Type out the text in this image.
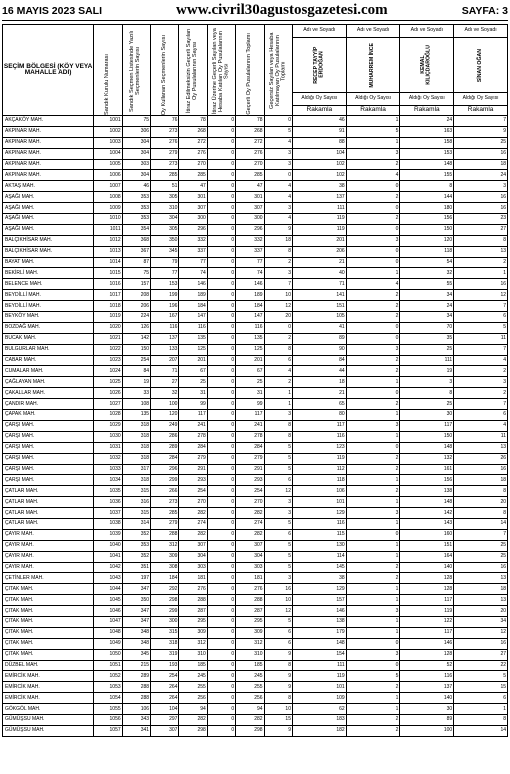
16 MAYIS 2023 SALI	www.civril30agustosgazetesi.com	SAYFA: 3
SEÇİM BÖLGESİ (KÖY VEYA MAHALLE ADI)	Sandık Kurulu Numarası	Sandık Seçmen Listesinde Yazılı Seçmenlerin Sayısı	Oy Kullanan Seçmenlerin Sayısı	İtiraz Edilmeksizin Geçerli Sayılan Oy Pusulalarının Sayısı	İtiraz Üzerine Geçerli Sayılan veya Hesaba Katılan Oy Pusulalarının Sayısı	Geçerli Oy Pusulalarının Toplamı	Geçersiz Sayılan veya Hesaba Katılmayan Oy Pusulalarının Toplamı	Adı ve Soyadı	Adı ve Soyadı	Adı ve Soyadı	Adı ve Soyadı

								RECEP TAYYİP ERDOĞAN	MUHARREM İNCE	KEMAL KILIÇDAROĞLU	SİNAN OĞAN

								Aldığı Oy Sayısı	Aldığı Oy Sayısı	Aldığı Oy Sayısı	Aldığı Oy Sayısı
								Rakamla	Rakamla	Rakamla	Rakamla
AKÇAKÖY MAH.	1001	75	76	78	0	78	0	46	1	24	7
AKPINAR MAH.	1002	306	273	268	0	268	5	91	5	163	9
AKPINAR MAH.	1003	304	276	272	0	272	4	88	1	158	25
AKPINAR MAH.	1004	304	279	276	0	276	3	104	3	153	16
AKPINAR MAH.	1005	303	273	270	0	270	3	102	2	148	18
AKPINAR MAH.	1006	304	285	285	0	285	0	102	4	155	24
AKTAŞ MAH.	1007	46	51	47	0	47	4	38	0	8	3
AŞAĞI MAH.	1008	353	305	301	0	301	4	137	2	144	16
AŞAĞI MAH.	1009	353	310	307	0	307	3	111	0	180	16
AŞAĞI MAH.	1010	353	304	300	0	300	4	119	2	156	23
AŞAĞI MAH.	1011	354	305	296	0	296	9	119	0	150	27
BALÇIKHİSAR MAH.	1012	368	350	332	0	332	18	201	3	120	8
BALÇIKHİSAR MAH.	1013	367	345	337	0	337	8	206	0	118	13
BAYAT MAH.	1014	87	79	77	0	77	2	21	0	54	2
BEKİRLİ MAH.	1015	75	77	74	0	74	3	40	1	32	1
BELENCE MAH.	1016	157	153	146	0	146	7	71	4	55	16
BEYDİLLİ MAH.	1017	208	199	189	0	189	10	141	2	34	12
BEYDİLLİ MAH.	1018	206	196	184	0	184	12	151	2	24	7
BEYKÖY MAH.	1019	224	167	147	0	147	20	105	2	34	6
BOZDAĞ MAH.	1020	126	116	116	0	116	0	41	0	70	5
BUCAK MAH.	1021	142	137	135	0	135	2	89	0	35	11
BULGURLAR MAH.	1022	150	133	125	0	125	8	90	3	25	7
CABAR MAH.	1023	254	207	201	0	201	6	84	2	111	4
CUMALAR MAH.	1024	84	71	67	0	67	4	44	2	19	2
ÇAĞLAYAN MAH.	1025	19	27	25	0	25	2	18	1	3	3
ÇAKALLAR MAH.	1026	33	32	31	0	31	1	21	0	8	2
ÇANDIR MAH.	1027	108	100	99	0	99	1	65	2	25	7
ÇAPAK MAH.	1028	135	120	117	0	117	3	80	1	30	6
ÇARŞI MAH.	1029	318	249	241	0	241	8	117	3	117	4
ÇARŞI MAH.	1030	318	286	278	0	278	8	116	1	150	11
ÇARŞI MAH.	1031	318	289	284	0	284	5	123	0	148	13
ÇARŞI MAH.	1032	318	284	279	0	279	5	119	2	132	26
ÇARŞI MAH.	1033	317	296	291	0	291	5	112	2	161	16
ÇARŞI MAH.	1034	318	299	293	0	293	6	118	1	156	18
ÇATLAR MAH.	1035	315	266	254	0	254	12	106	2	138	8
ÇATLAR MAH.	1036	316	273	270	0	270	3	101	1	148	20
ÇATLAR MAH.	1037	315	285	282	0	282	3	129	3	142	8
ÇATLAR MAH.	1038	314	279	274	0	274	5	116	1	143	14
ÇAYIR MAH.	1039	352	288	282	0	282	6	115	0	160	7
ÇAYIR MAH.	1040	353	312	307	0	307	5	130	1	151	25
ÇAYIR MAH.	1041	352	309	304	0	304	5	114	1	164	25
ÇAYIR MAH.	1042	351	308	303	0	303	5	145	2	140	16
ÇETİNLER MAH.	1043	197	184	181	0	181	3	38	2	128	13
ÇITAK MAH.	1044	347	292	276	0	276	16	129	1	128	18
ÇITAK MAH.	1045	350	298	288	0	288	10	157	1	117	13
ÇITAK MAH.	1046	347	299	287	0	287	12	146	3	119	20
ÇITAK MAH.	1047	347	300	295	0	295	5	138	1	122	34
ÇITAK MAH.	1048	348	315	309	0	309	6	179	1	117	12
ÇITAK MAH.	1049	348	318	312	0	312	6	148	0	146	16
ÇITAK MAH.	1050	345	319	310	0	310	9	154	3	128	27
DÜZBEL MAH.	1051	215	193	185	0	185	8	111	0	52	22
EMİRCİK MAH.	1052	289	254	245	0	245	9	119	5	116	5
EMİRCİK MAH.	1053	288	264	255	0	255	9	101	2	137	15
EMİRCİK MAH.	1054	288	264	256	0	256	8	109	1	140	6
GÖKGÖL MAH.	1055	106	104	94	0	94	10	62	1	30	1
GÜMÜŞSU MAH.	1056	343	297	282	0	282	15	183	2	89	8
GÜMÜŞSU MAH.	1057	341	307	298	0	298	9	182	2	100	14
